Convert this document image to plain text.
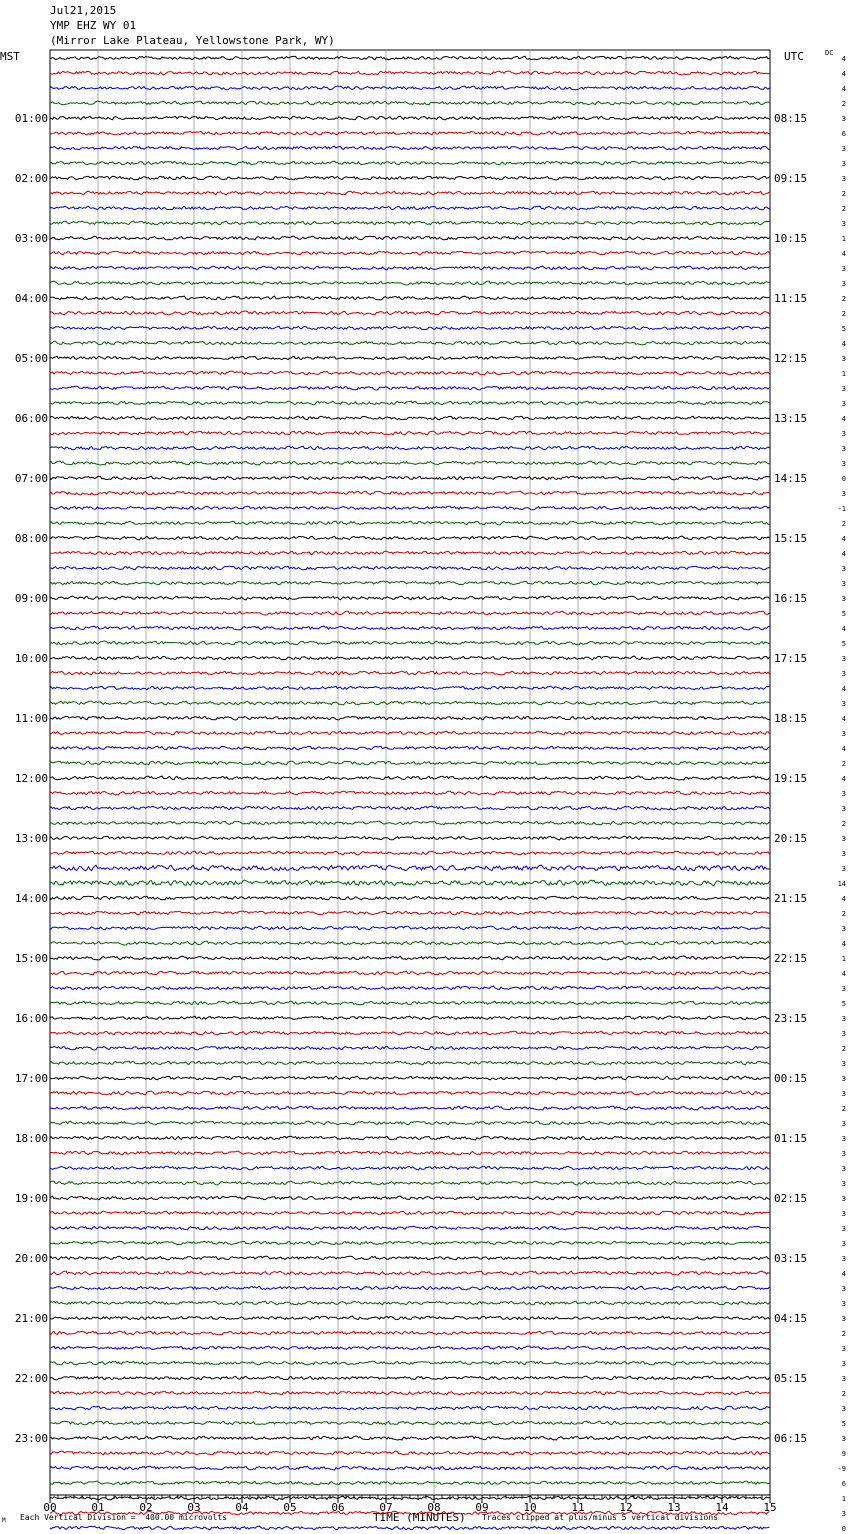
Jul21,2015
YMP EHZ WY 01
(Mirror Lake Plateau, Yellowstone Park, WY)
MST	UTC	DC
01:00
02:00
03:00
04:00
05:00
06:00
07:00
08:00
09:00
10:00
11:00
12:00
13:00
14:00
15:00
16:00
17:00
18:00
19:00
20:00
21:00
22:00
23:00
08:15
09:15
10:15
11:15
12:15
13:15
14:15
15:15
16:15
17:15
18:15
19:15
20:15
21:15
22:15
23:15
00:15
01:15
02:15
03:15
04:15
05:15
06:15
4
4
4
2
3
6
3
3
3
2
2
3
1
4
3
3
2
2
5
4
3
1
3
3
4
3
3
3
0
3
-1
2
4
4
3
3
3
5
4
5
3
3
4
3
4
3
4
2
4
3
3
2
3
3
3
14
4
2
3
4
1
4
3
5
3
3
2
3
3
3
2
3
3
3
3
3
3
3
3
3
3
4
3
3
3
2
3
3
3
2
3
5
3
9
-9
6
1
3
0
00	01	02	03	04	05	06	07	08	09	10	11	12	13	14	15
M Each Vertical Division =  400.00 microvolts	TIME (MINUTES) Traces clipped at plus/minus 5 vertical divisions
